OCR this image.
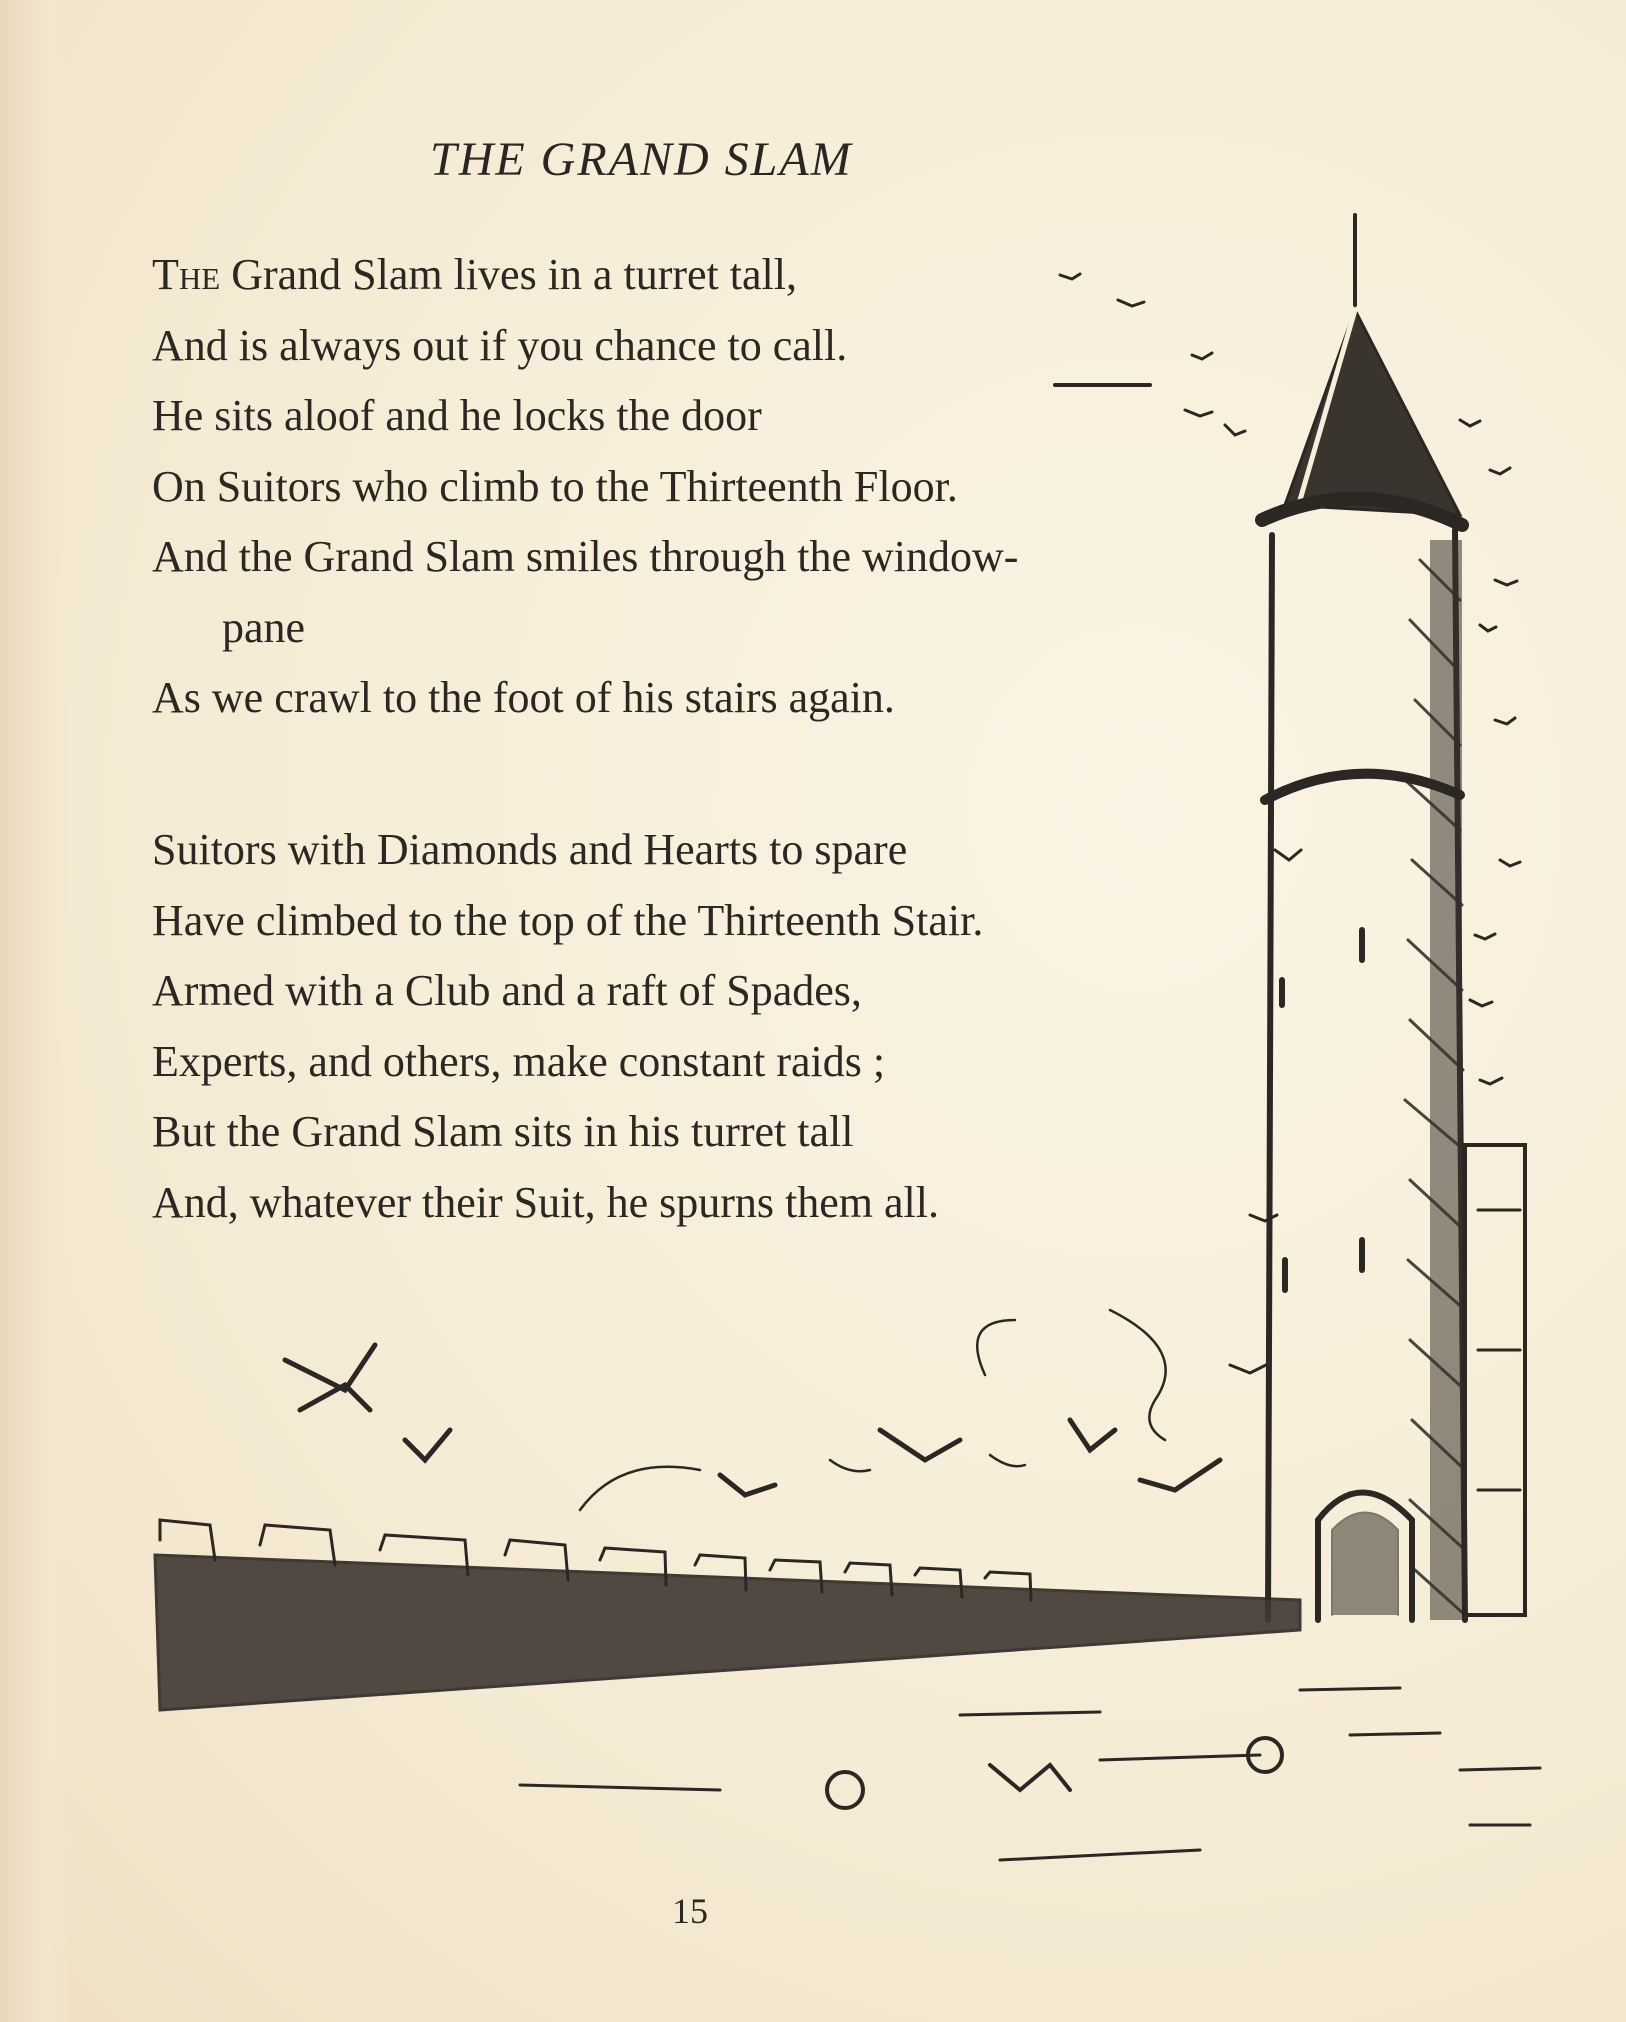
THE GRAND SLAM
The Grand Slam lives in a turret tall,
And is always out if you chance to call.
He sits aloof and he locks the door
On Suitors who climb to the Thirteenth Floor.
And the Grand Slam smiles through the window-
pane
As we crawl to the foot of his stairs again.
Suitors with Diamonds and Hearts to spare
Have climbed to the top of the Thirteenth Stair.
Armed with a Club and a raft of Spades,
Experts, and others, make constant raids ;
But the Grand Slam sits in his turret tall
And, whatever their Suit, he spurns them all.
15
